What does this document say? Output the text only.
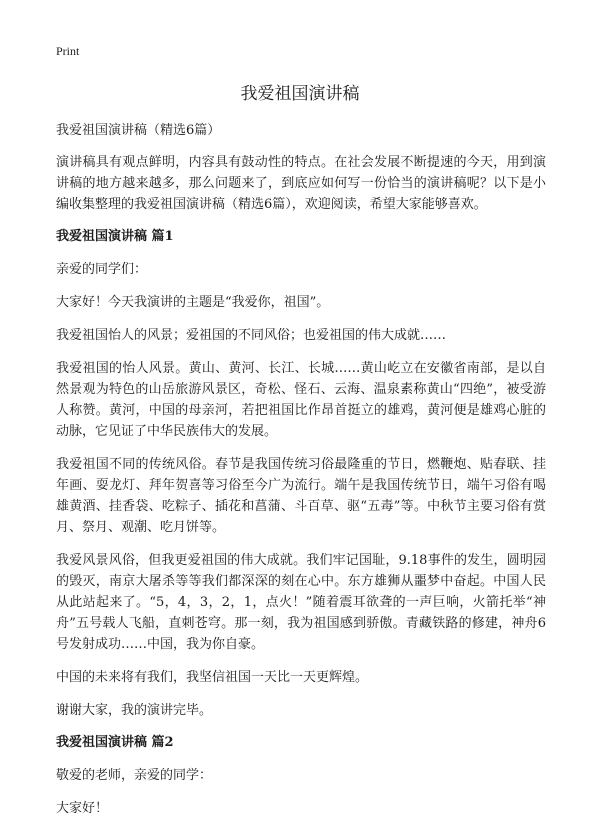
Print
我爱祖国演讲稿

我爱祖国演讲稿（精选6篇）

演讲稿具有观点鲜明，内容具有鼓动性的特点。在社会发展不断提速的今天，用到演讲稿的地方越来越多，那么问题来了，到底应如何写一份恰当的演讲稿呢？以下是小编收集整理的我爱祖国演讲稿（精选6篇），欢迎阅读，希望大家能够喜欢。

我爱祖国演讲稿 篇1

亲爱的同学们：

大家好！今天我演讲的主题是“我爱你，祖国”。

我爱祖国怡人的风景；爱祖国的不同风俗；也爱祖国的伟大成就……

我爱祖国的怡人风景。黄山、黄河、长江、长城……黄山屹立在安徽省南部，是以自然景观为特色的山岳旅游风景区，奇松、怪石、云海、温泉素称黄山“四绝”，被受游人称赞。黄河，中国的母亲河，若把祖国比作昂首挺立的雄鸡，黄河便是雄鸡心脏的动脉，它见证了中华民族伟大的发展。

我爱祖国不同的传统风俗。春节是我国传统习俗最隆重的节日，燃鞭炮、贴春联、挂年画、耍龙灯、拜年贺喜等习俗至今广为流行。端午是我国传统节日，端午习俗有喝雄黄酒、挂香袋、吃粽子、插花和菖蒲、斗百草、驱“五毒”等。中秋节主要习俗有赏月、祭月、观潮、吃月饼等。

我爱风景风俗，但我更爱祖国的伟大成就。我们牢记国耻，9.18事件的发生，圆明园的毁灭，南京大屠杀等等我们都深深的刻在心中。东方雄狮从噩梦中奋起。中国人民从此站起来了。“5，4，3，2，1，点火！”随着震耳欲聋的一声巨响，火箭托举“神舟”五号载人飞船，直刺苍穹。那一刻，我为祖国感到骄傲。青藏铁路的修建，神舟6号发射成功……中国，我为你自豪。

中国的未来将有我们，我坚信祖国一天比一天更辉煌。

谢谢大家，我的演讲完毕。

我爱祖国演讲稿 篇2

敬爱的老师，亲爱的同学：

大家好！
